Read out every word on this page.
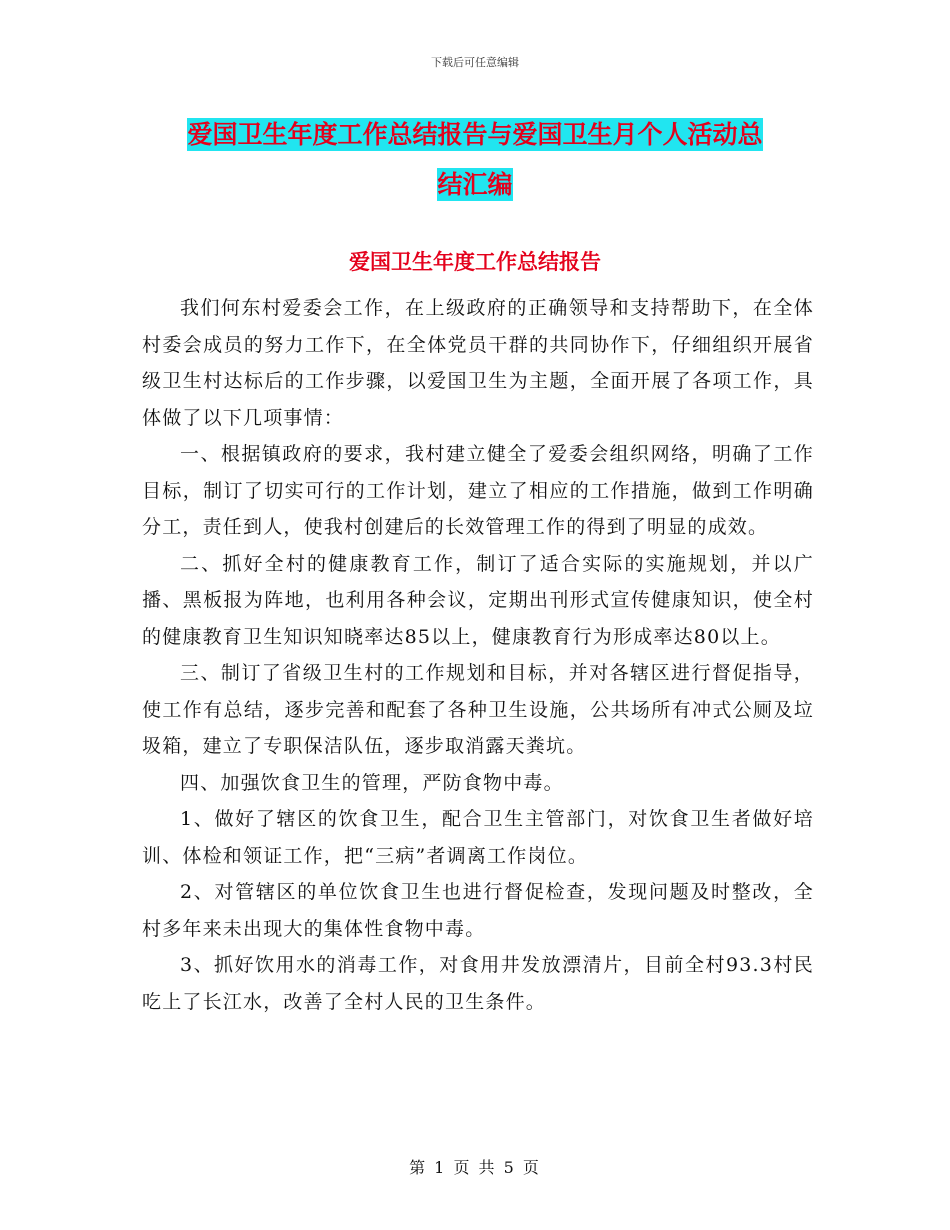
下载后可任意编辑
爱国卫生年度工作总结报告与爱国卫生月个人活动总
结汇编
爱国卫生年度工作总结报告

我们何东村爱委会工作，在上级政府的正确领导和支持帮助下，在全体村委会成员的努力工作下，在全体党员干群的共同协作下，仔细组织开展省级卫生村达标后的工作步骤，以爱国卫生为主题，全面开展了各项工作，具体做了以下几项事情：

一、根据镇政府的要求，我村建立健全了爱委会组织网络，明确了工作目标，制订了切实可行的工作计划，建立了相应的工作措施，做到工作明确分工，责任到人，使我村创建后的长效管理工作的得到了明显的成效。

二、抓好全村的健康教育工作，制订了适合实际的实施规划，并以广播、黑板报为阵地，也利用各种会议，定期出刊形式宣传健康知识，使全村的健康教育卫生知识知晓率达85以上，健康教育行为形成率达80以上。

三、制订了省级卫生村的工作规划和目标，并对各辖区进行督促指导，使工作有总结，逐步完善和配套了各种卫生设施，公共场所有冲式公厕及垃圾箱，建立了专职保洁队伍，逐步取消露天粪坑。

四、加强饮食卫生的管理，严防食物中毒。

1、做好了辖区的饮食卫生，配合卫生主管部门，对饮食卫生者做好培训、体检和领证工作，把“三病”者调离工作岗位。

2、对管辖区的单位饮食卫生也进行督促检查，发现问题及时整改，全村多年来未出现大的集体性食物中毒。

3、抓好饮用水的消毒工作，对食用井发放漂清片，目前全村93.3村民吃上了长江水，改善了全村人民的卫生条件。

第 1 页 共 5 页
